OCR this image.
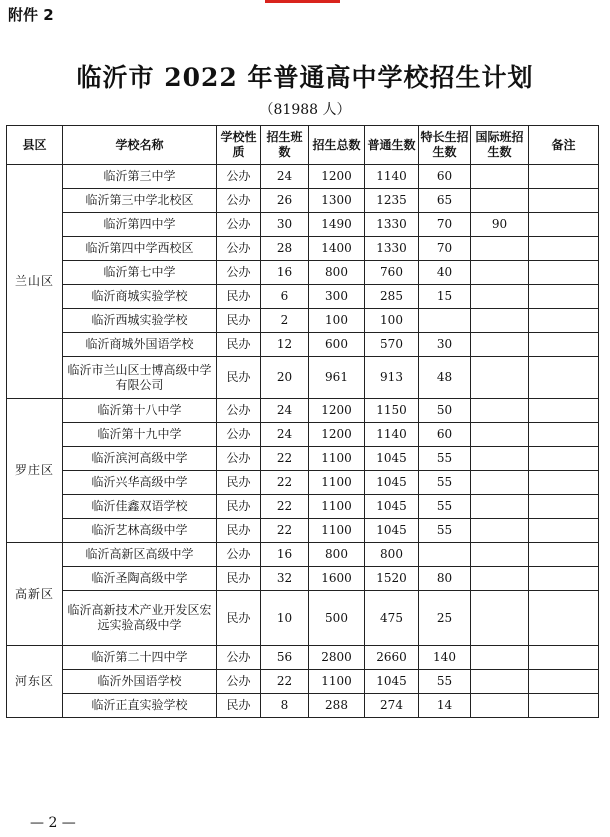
附件 2
临沂市 2022 年普通高中学校招生计划
（81988 人）
县区	学校名称	学校性质	招生班数	招生总数	普通生数	特长生招生数	国际班招生数	备注
兰山区	临沂第三中学	公办	24	1200	1140	60		
	临沂第三中学北校区	公办	26	1300	1235	65		
	临沂第四中学	公办	30	1490	1330	70	90	
	临沂第四中学西校区	公办	28	1400	1330	70		
	临沂第七中学	公办	16	800	760	40		
	临沂商城实验学校	民办	6	300	285	15		
	临沂西城实验学校	民办	2	100	100			
	临沂商城外国语学校	民办	12	600	570	30		
	临沂市兰山区士博高级中学有限公司	民办	20	961	913	48		
罗庄区	临沂第十八中学	公办	24	1200	1150	50		
	临沂第十九中学	公办	24	1200	1140	60		
	临沂滨河高级中学	公办	22	1100	1045	55		
	临沂兴华高级中学	民办	22	1100	1045	55		
	临沂佳鑫双语学校	民办	22	1100	1045	55		
	临沂艺林高级中学	民办	22	1100	1045	55		
高新区	临沂高新区高级中学	公办	16	800	800			
	临沂圣陶高级中学	民办	32	1600	1520	80		
	临沂高新技术产业开发区宏远实验高级中学	民办	10	500	475	25		
河东区	临沂第二十四中学	公办	56	2800	2660	140		
	临沂外国语学校	公办	22	1100	1045	55		
	临沂正直实验学校	民办	8	288	274	14		
— 2 —
